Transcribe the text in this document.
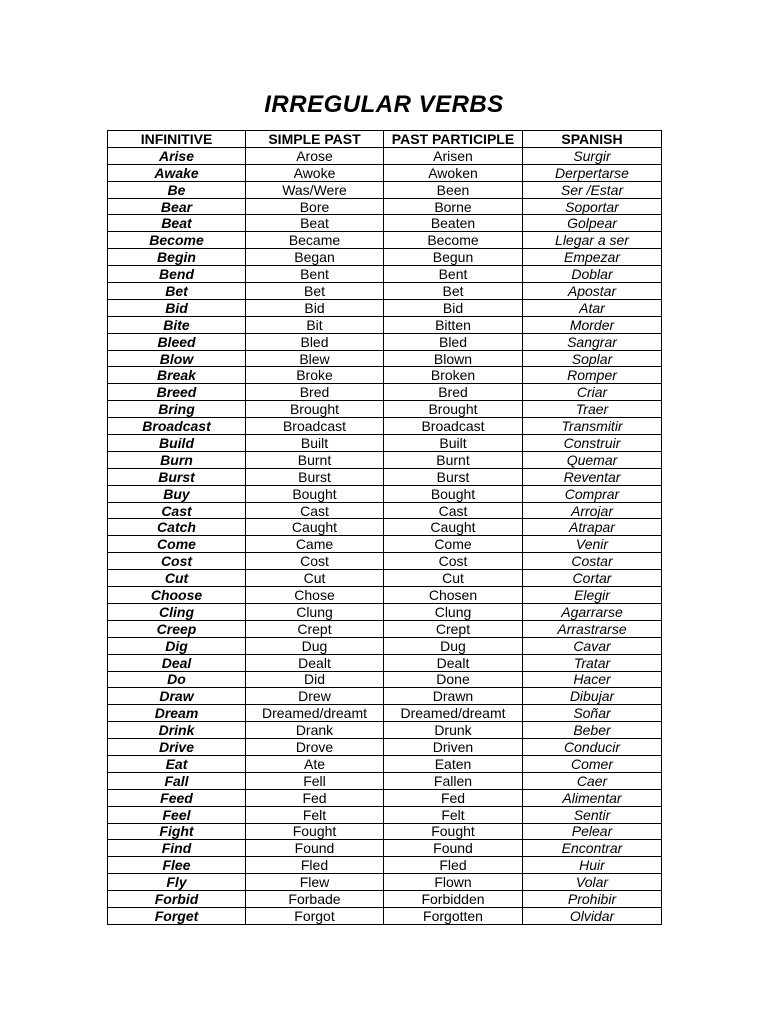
IRREGULAR VERBS
INFINITIVE	SIMPLE PAST	PAST PARTICIPLE	SPANISH
Arise	Arose	Arisen	Surgir
Awake	Awoke	Awoken	Derpertarse
Be	Was/Were	Been	Ser /Estar
Bear	Bore	Borne	Soportar
Beat	Beat	Beaten	Golpear
Become	Became	Become	Llegar a ser
Begin	Began	Begun	Empezar
Bend	Bent	Bent	Doblar
Bet	Bet	Bet	Apostar
Bid	Bid	Bid	Atar
Bite	Bit	Bitten	Morder
Bleed	Bled	Bled	Sangrar
Blow	Blew	Blown	Soplar
Break	Broke	Broken	Romper
Breed	Bred	Bred	Criar
Bring	Brought	Brought	Traer
Broadcast	Broadcast	Broadcast	Transmitir
Build	Built	Built	Construir
Burn	Burnt	Burnt	Quemar
Burst	Burst	Burst	Reventar
Buy	Bought	Bought	Comprar
Cast	Cast	Cast	Arrojar
Catch	Caught	Caught	Atrapar
Come	Came	Come	Venir
Cost	Cost	Cost	Costar
Cut	Cut	Cut	Cortar
Choose	Chose	Chosen	Elegir
Cling	Clung	Clung	Agarrarse
Creep	Crept	Crept	Arrastrarse
Dig	Dug	Dug	Cavar
Deal	Dealt	Dealt	Tratar
Do	Did	Done	Hacer
Draw	Drew	Drawn	Dibujar
Dream	Dreamed/dreamt	Dreamed/dreamt	Soñar
Drink	Drank	Drunk	Beber
Drive	Drove	Driven	Conducir
Eat	Ate	Eaten	Comer
Fall	Fell	Fallen	Caer
Feed	Fed	Fed	Alimentar
Feel	Felt	Felt	Sentir
Fight	Fought	Fought	Pelear
Find	Found	Found	Encontrar
Flee	Fled	Fled	Huir
Fly	Flew	Flown	Volar
Forbid	Forbade	Forbidden	Prohibir
Forget	Forgot	Forgotten	Olvidar
